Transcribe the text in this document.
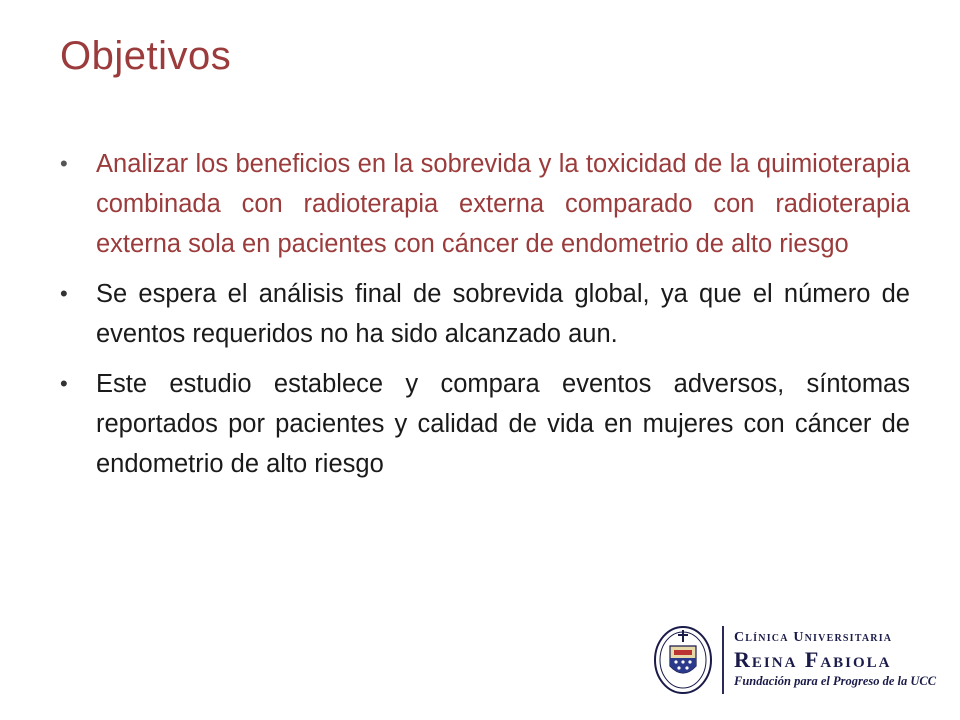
Objetivos
• Analizar los beneficios en la sobrevida y la toxicidad de la quimioterapia combinada con radioterapia externa comparado con radioterapia externa sola en pacientes con cáncer de endometrio de alto riesgo
• Se espera el análisis final de sobrevida global, ya que el número de eventos requeridos no ha sido alcanzado aun.
• Este estudio establece y compara eventos adversos, síntomas reportados por pacientes y calidad de vida en mujeres con cáncer de endometrio de alto riesgo
Clínica Universitaria
Reina Fabiola
Fundación para el Progreso de la UCC
